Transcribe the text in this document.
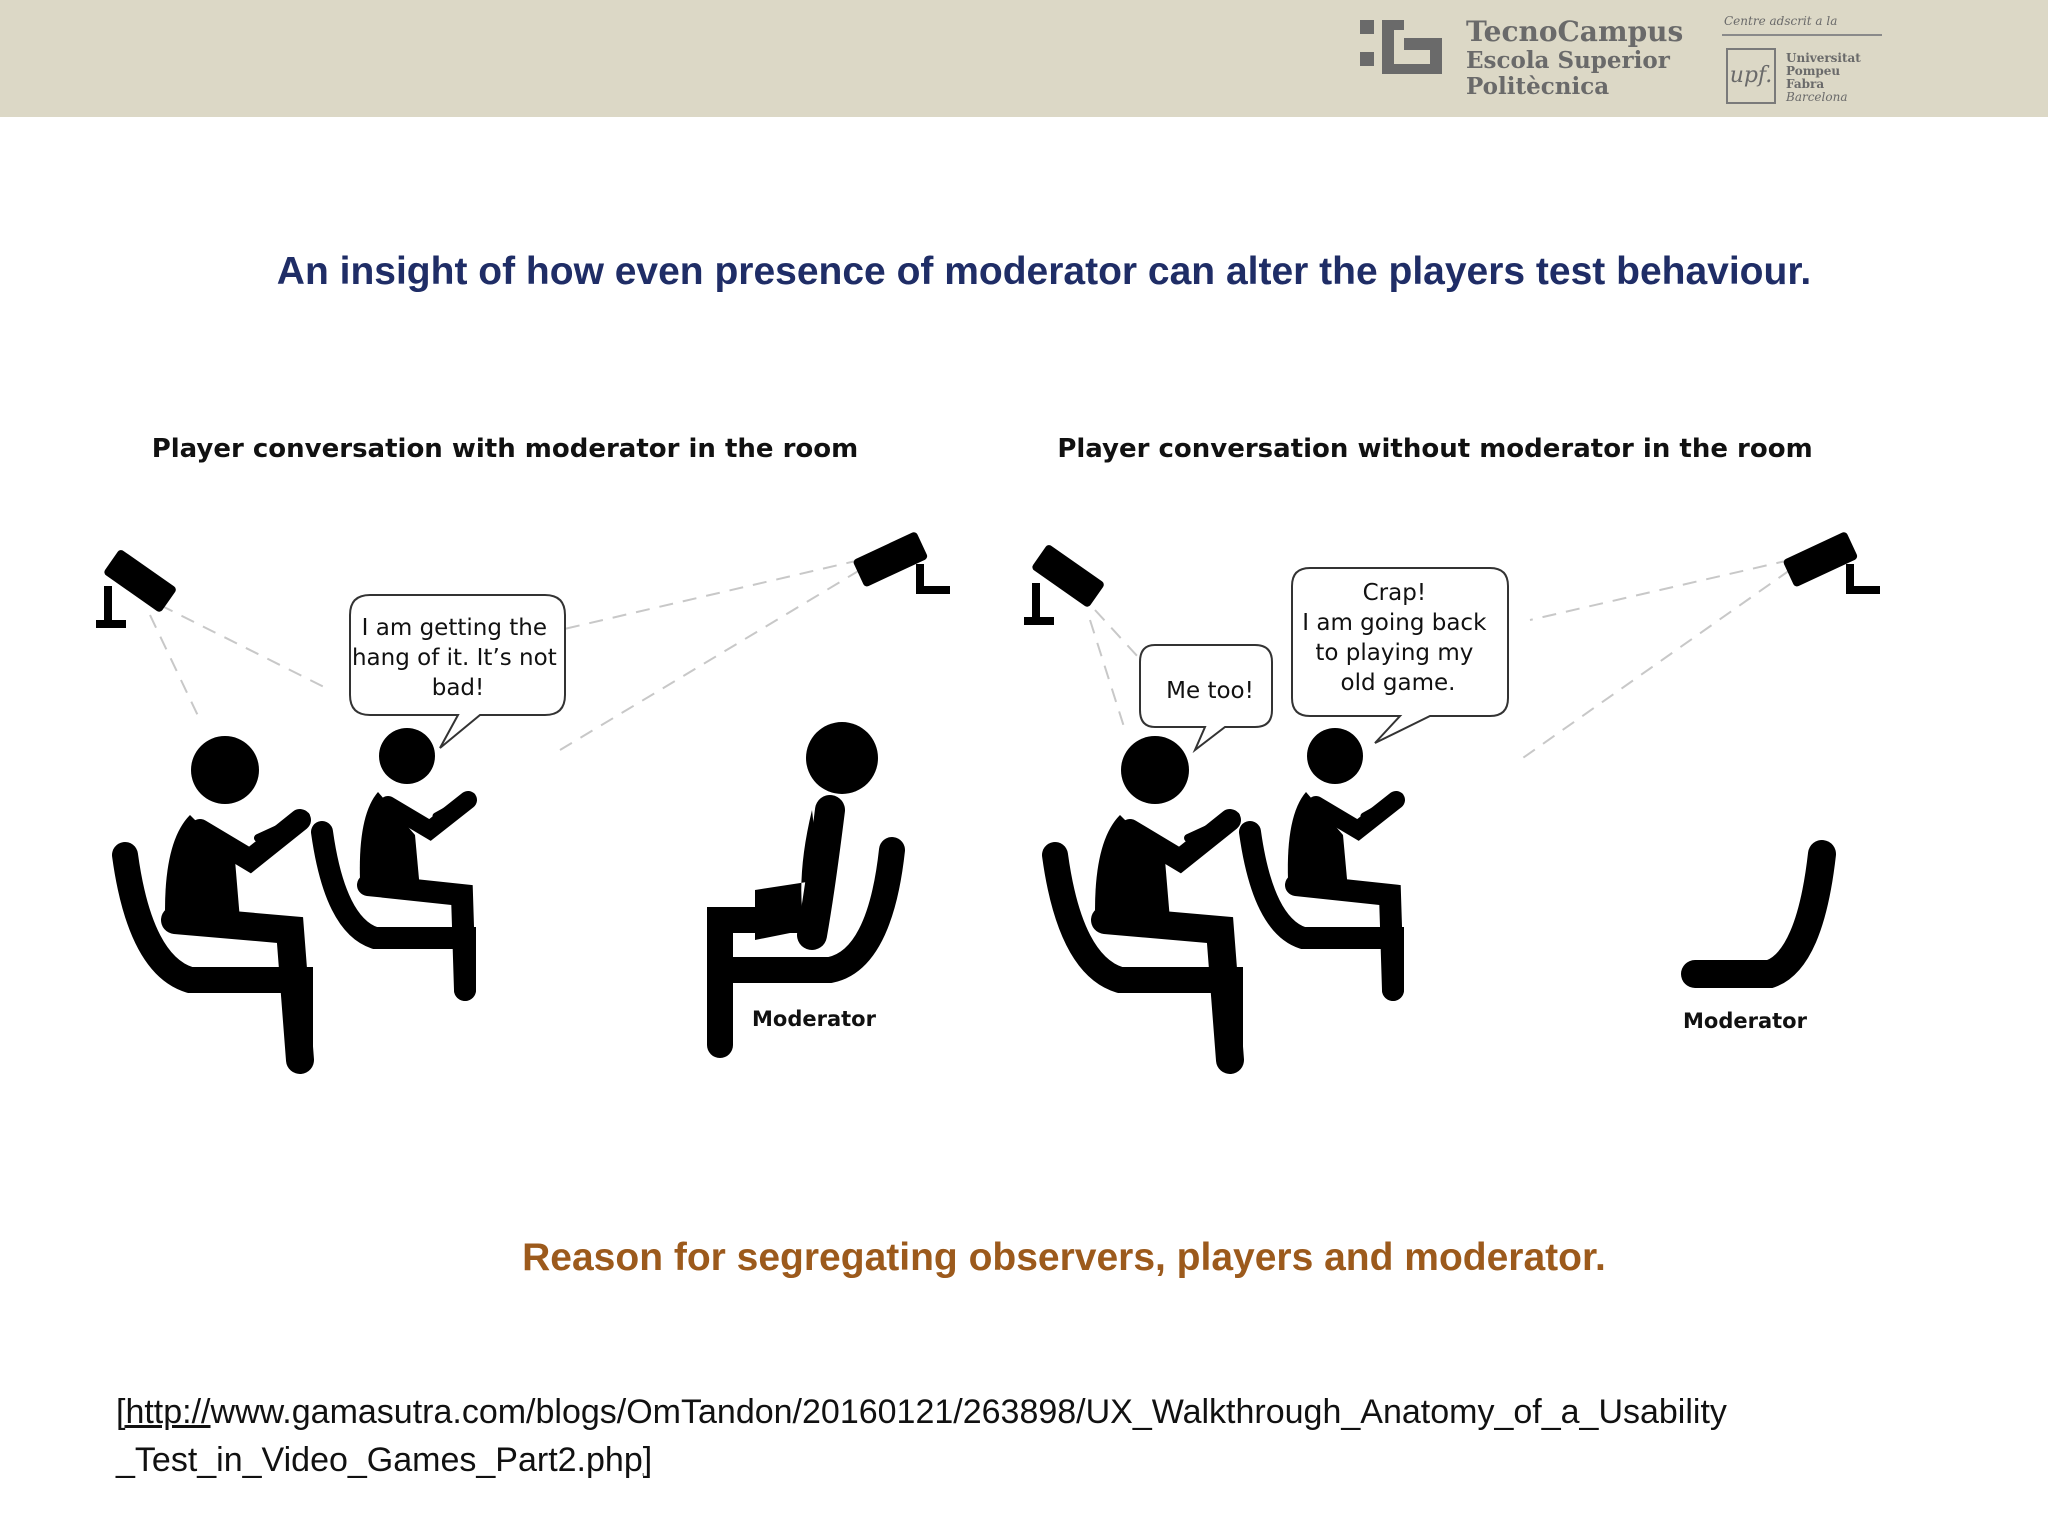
TecnoCampus
Escola Superior
Politècnica
Centre adscrit a la
upf.
Universitat
Pompeu Fabra
Barcelona
An insight of how even presence of moderator can alter the players test behaviour.
Player conversation with moderator in the room	Player conversation without moderator in the room
I am getting the hang of it. It’s not bad!
Moderator
Me too!
Crap! I am going back to playing my old game.
Moderator
Reason for segregating observers, players and moderator.
[http://www.gamasutra.com/blogs/OmTandon/20160121/263898/UX_Walkthrough_Anatomy_of_a_Usability
_Test_in_Video_Games_Part2.php]
